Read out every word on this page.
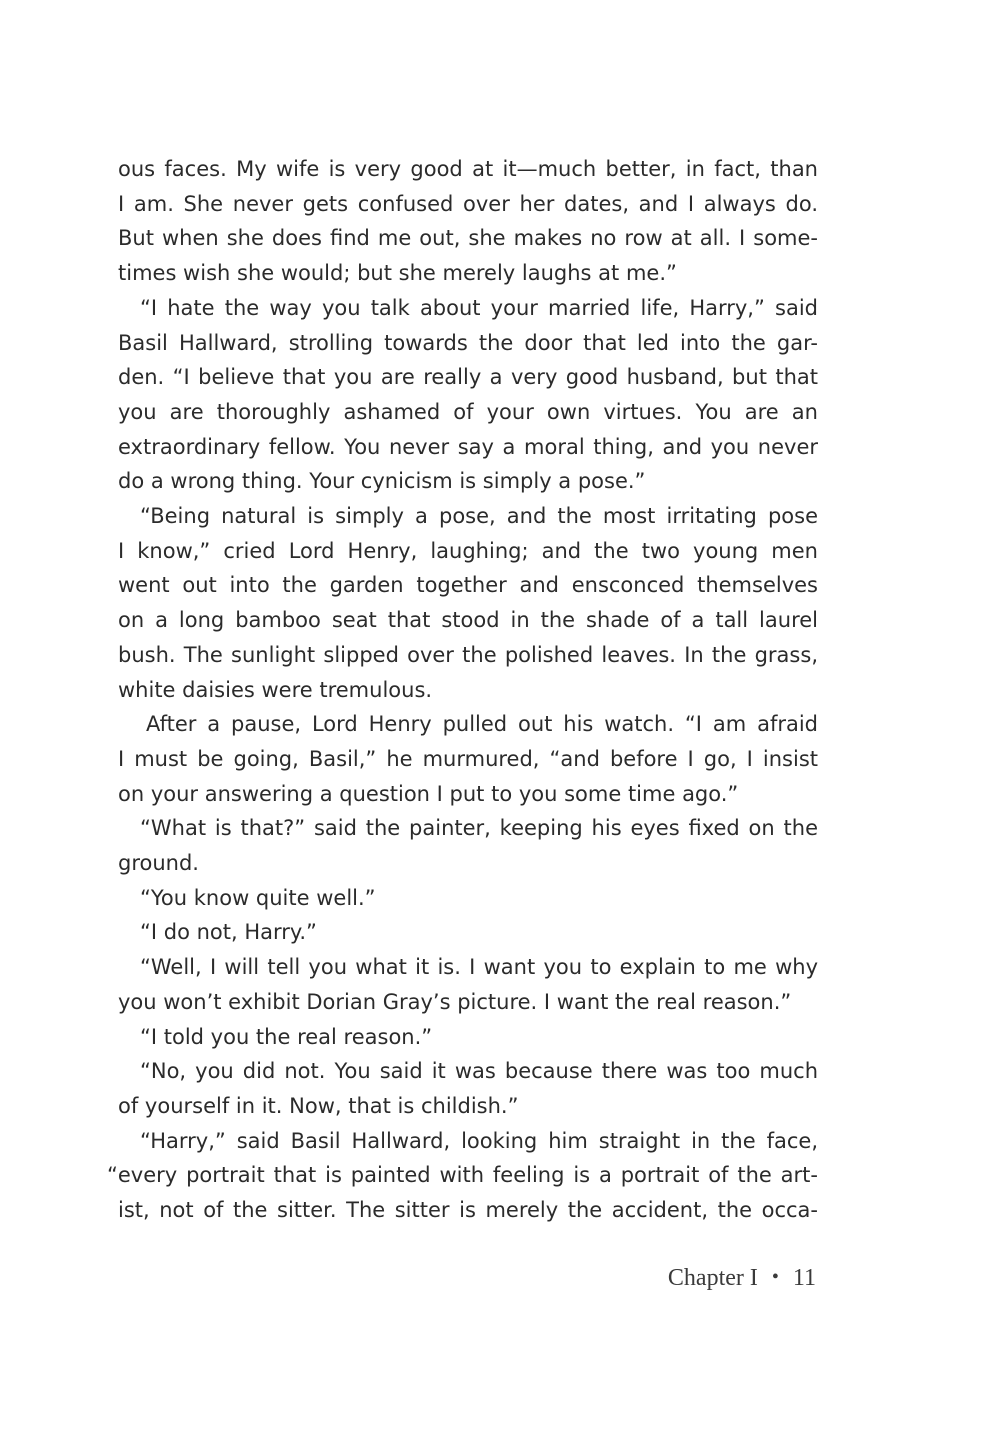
ous faces. My wife is very good at it—much better, in fact, than
I am. She never gets confused over her dates, and I always do.
But when she does find me out, she makes no row at all. I some-
times wish she would; but she merely laughs at me.”

“I hate the way you talk about your married life, Harry,” said
Basil Hallward, strolling towards the door that led into the gar-
den. “I believe that you are really a very good husband, but that
you are thoroughly ashamed of your own virtues. You are an
extraordinary fellow. You never say a moral thing, and you never
do a wrong thing. Your cynicism is simply a pose.”

“Being natural is simply a pose, and the most irritating pose
I know,” cried Lord Henry, laughing; and the two young men
went out into the garden together and ensconced themselves
on a long bamboo seat that stood in the shade of a tall laurel
bush. The sunlight slipped over the polished leaves. In the grass,
white daisies were tremulous.

After a pause, Lord Henry pulled out his watch. “I am afraid
I must be going, Basil,” he murmured, “and before I go, I insist
on your answering a question I put to you some time ago.”

“What is that?” said the painter, keeping his eyes fixed on the
ground.

“You know quite well.”

“I do not, Harry.”

“Well, I will tell you what it is. I want you to explain to me why
you won’t exhibit Dorian Gray’s picture. I want the real reason.”

“I told you the real reason.”

“No, you did not. You said it was because there was too much
of yourself in it. Now, that is childish.”

“Harry,” said Basil Hallward, looking him straight in the face,
“every portrait that is painted with feeling is a portrait of the art-
ist, not of the sitter. The sitter is merely the accident, the occa-

Chapter I • 11
